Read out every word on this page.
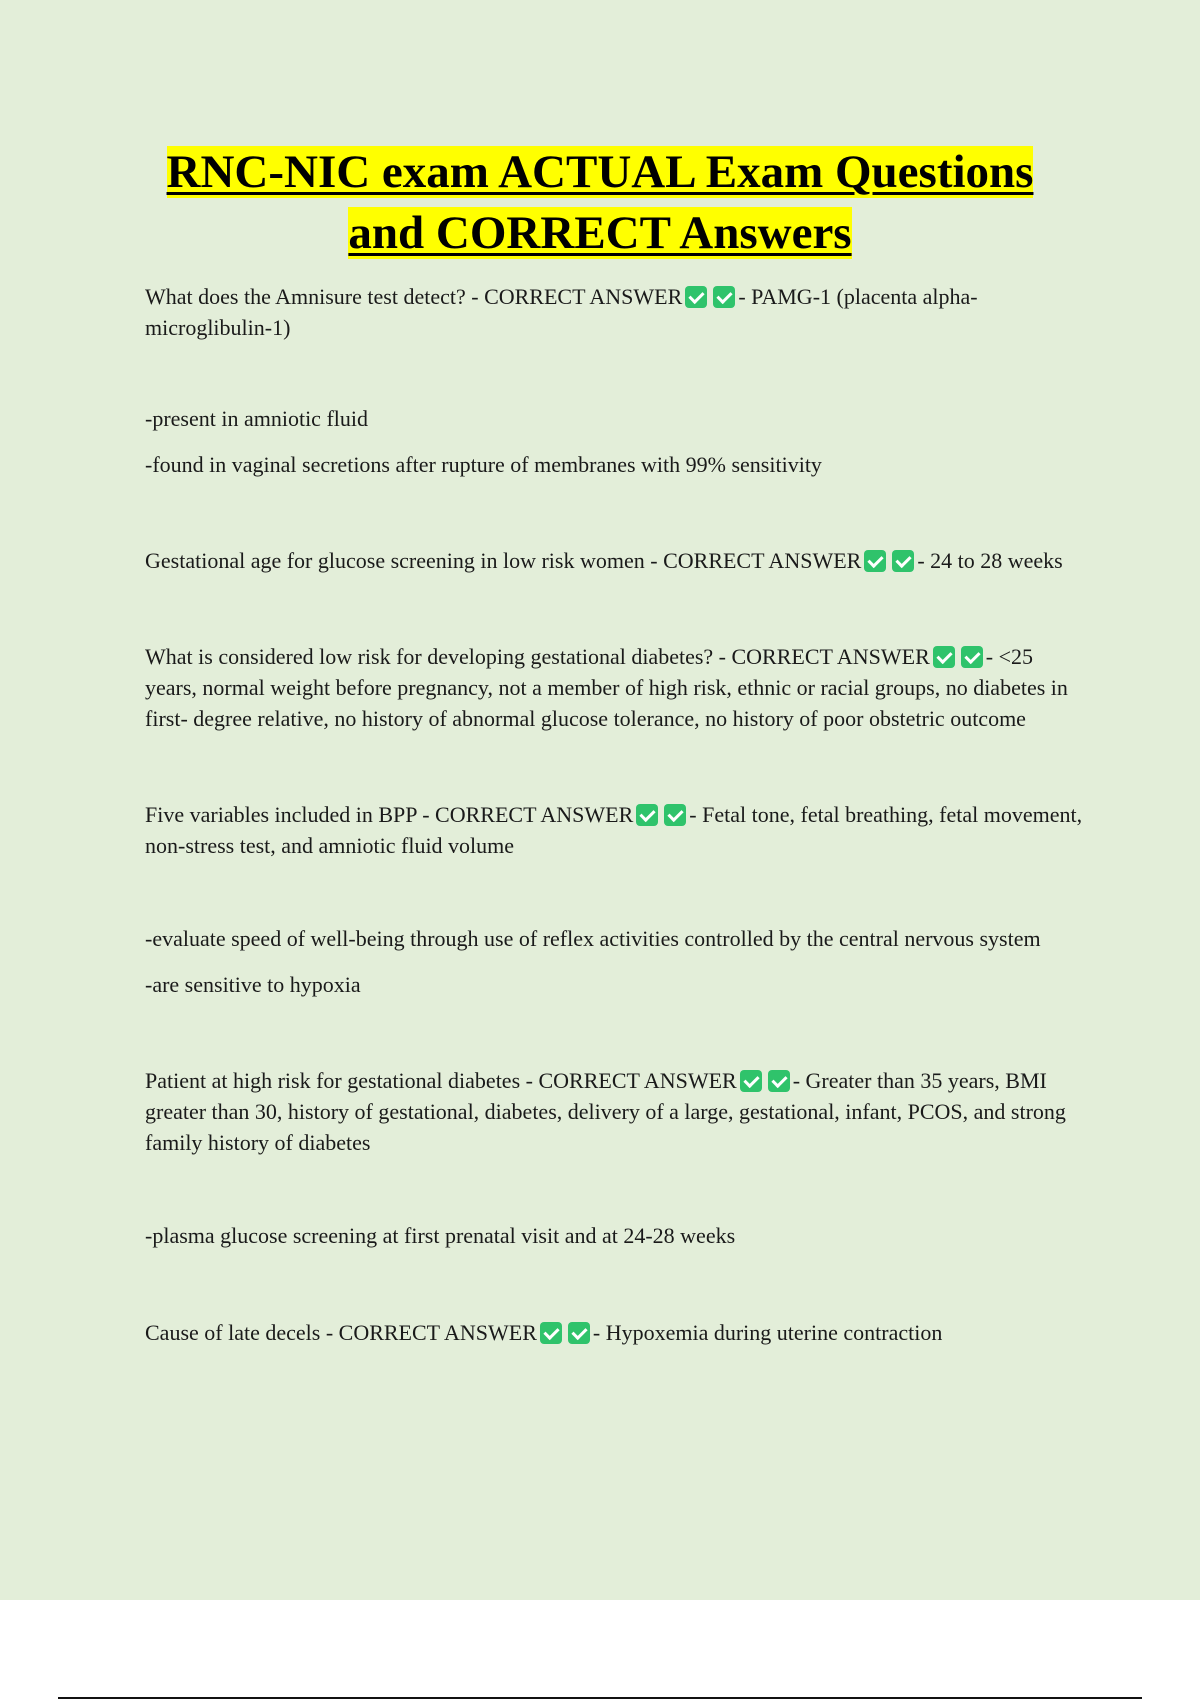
RNC-NIC exam ACTUAL Exam Questions
and CORRECT Answers

What does the Amnisure test detect? - CORRECT ANSWER	- PAMG-1 (placenta alpha-microglibulin-1)

-present in amniotic fluid

-found in vaginal secretions after rupture of membranes with 99% sensitivity

Gestational age for glucose screening in low risk women - CORRECT ANSWER	- 24 to 28 weeks

What is considered low risk for developing gestational diabetes? - CORRECT ANSWER	- <25 years, normal weight before pregnancy, not a member of high risk, ethnic or racial groups, no diabetes in first- degree relative, no history of abnormal glucose tolerance, no history of poor obstetric outcome

Five variables included in BPP - CORRECT ANSWER	- Fetal tone, fetal breathing, fetal movement, non-stress test, and amniotic fluid volume

-evaluate speed of well-being through use of reflex activities controlled by the central nervous system

-are sensitive to hypoxia

Patient at high risk for gestational diabetes - CORRECT ANSWER	- Greater than 35 years, BMI greater than 30, history of gestational, diabetes, delivery of a large, gestational, infant, PCOS, and strong family history of diabetes

-plasma glucose screening at first prenatal visit and at 24-28 weeks

Cause of late decels - CORRECT ANSWER	- Hypoxemia during uterine contraction
